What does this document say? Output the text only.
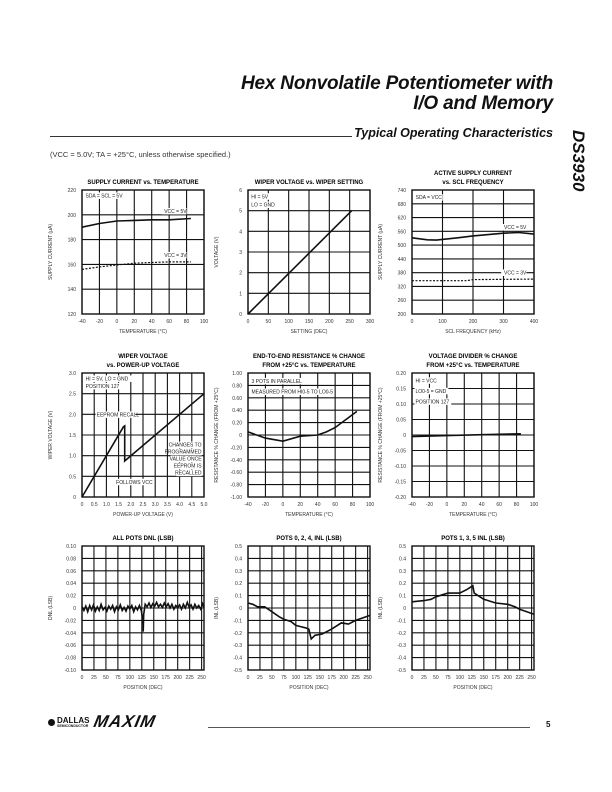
Hex Nonvolatile Potentiometer with
I/O and Memory
Typical Operating Characteristics
(VCC = 5.0V; TA = +25°C, unless otherwise specified.)	DS3930
SUPPLY CURRENT vs. TEMPERATURE
-40 -20 0	20 40 60 80 100
120
140
160
180
200
220
TEMPERATURE (°C)
SUPPLY CURRENT (µA)
SDA = SCL = 5V
VCC = 5V
VCC = 3V
WIPER VOLTAGE vs. WIPER SETTING
0	50	100 150 200 250 300
0
1
2
3
4
5
6
SETTING (DEC)
VOLTAGE (V)
HI = 5V
LO = GND
ACTIVE SUPPLY CURRENT
vs. SCL FREQUENCY
0	100	200	300	400
200
260
320
380
440
500
560
620
680
740
SCL FREQUENCY (kHz)
SUPPLY CURRENT (µA)
SDA = VCC
VCC = 5V
VCC = 3V
WIPER VOLTAGE
vs. POWER-UP VOLTAGE
0 0.5 1.0 1.5 2.0 2.5 3.0 3.5 4.0 4.5 5.0
0
0.5
1.0
1.5
2.0
2.5
3.0
POWER-UP VOLTAGE (V)
WIPER VOLTAGE (V)
HI = 5V, LO = GND
POSITION 127
EEPROM RECALL
CHANGES TO
PROGRAMMED
VALUE ONCE
EEPROM IS
RECALLED
FOLLOWS VCC
END-TO-END RESISTANCE % CHANGE
FROM +25°C vs. TEMPERATURE
-40 -20 0	20 40 60 80 100
-1.00
-0.80
-0.60
-0.40
-0.20
0
0.20
0.40
0.60
0.80
1.00
TEMPERATURE (°C)
RESISTANCE % CHANGE (FROM +25°C)
3 POTS IN PARALLEL
MEASURED FROM HI0-5 TO LO0-5
VOLTAGE DIVIDER % CHANGE
FROM +25°C vs. TEMPERATURE
-40 -20 0	20 40 60 80 100
-0.20
-0.15
-0.10
-0.05
0
0.05
0.10
0.15
0.20
TEMPERATURE (°C)
RESISTANCE % CHANGE (FROM +25°C)
HI = VCC
LO0-5 = GND
POSITION 127
ALL POTS DNL (LSB)
0 25 50 75 100 125 150 175 200 225 250
-0.10
-0.08
-0.06
-0.04
-0.02
0
0.02
0.04
0.06
0.08
0.10
POSITION (DEC)
DNL (LSB)
POTS 0, 2, 4, INL (LSB)
0 25 50 75 100 125 150 175 200 225 250
-0.5
-0.4
-0.3
-0.2
-0.1
0
0.1
0.2
0.3
0.4
0.5
POSITION (DEC)
INL (LSB)
POTS 1, 3, 5 INL (LSB)
0 25 50 75 100 125 150 175 200 225 250
-0.5
-0.4
-0.3
-0.2
-0.1
0
0.1
0.2
0.3
0.4
0.5
POSITION (DEC)
INL (LSB)
DALLAS
SEMICONDUCTOR MAXIM	5
